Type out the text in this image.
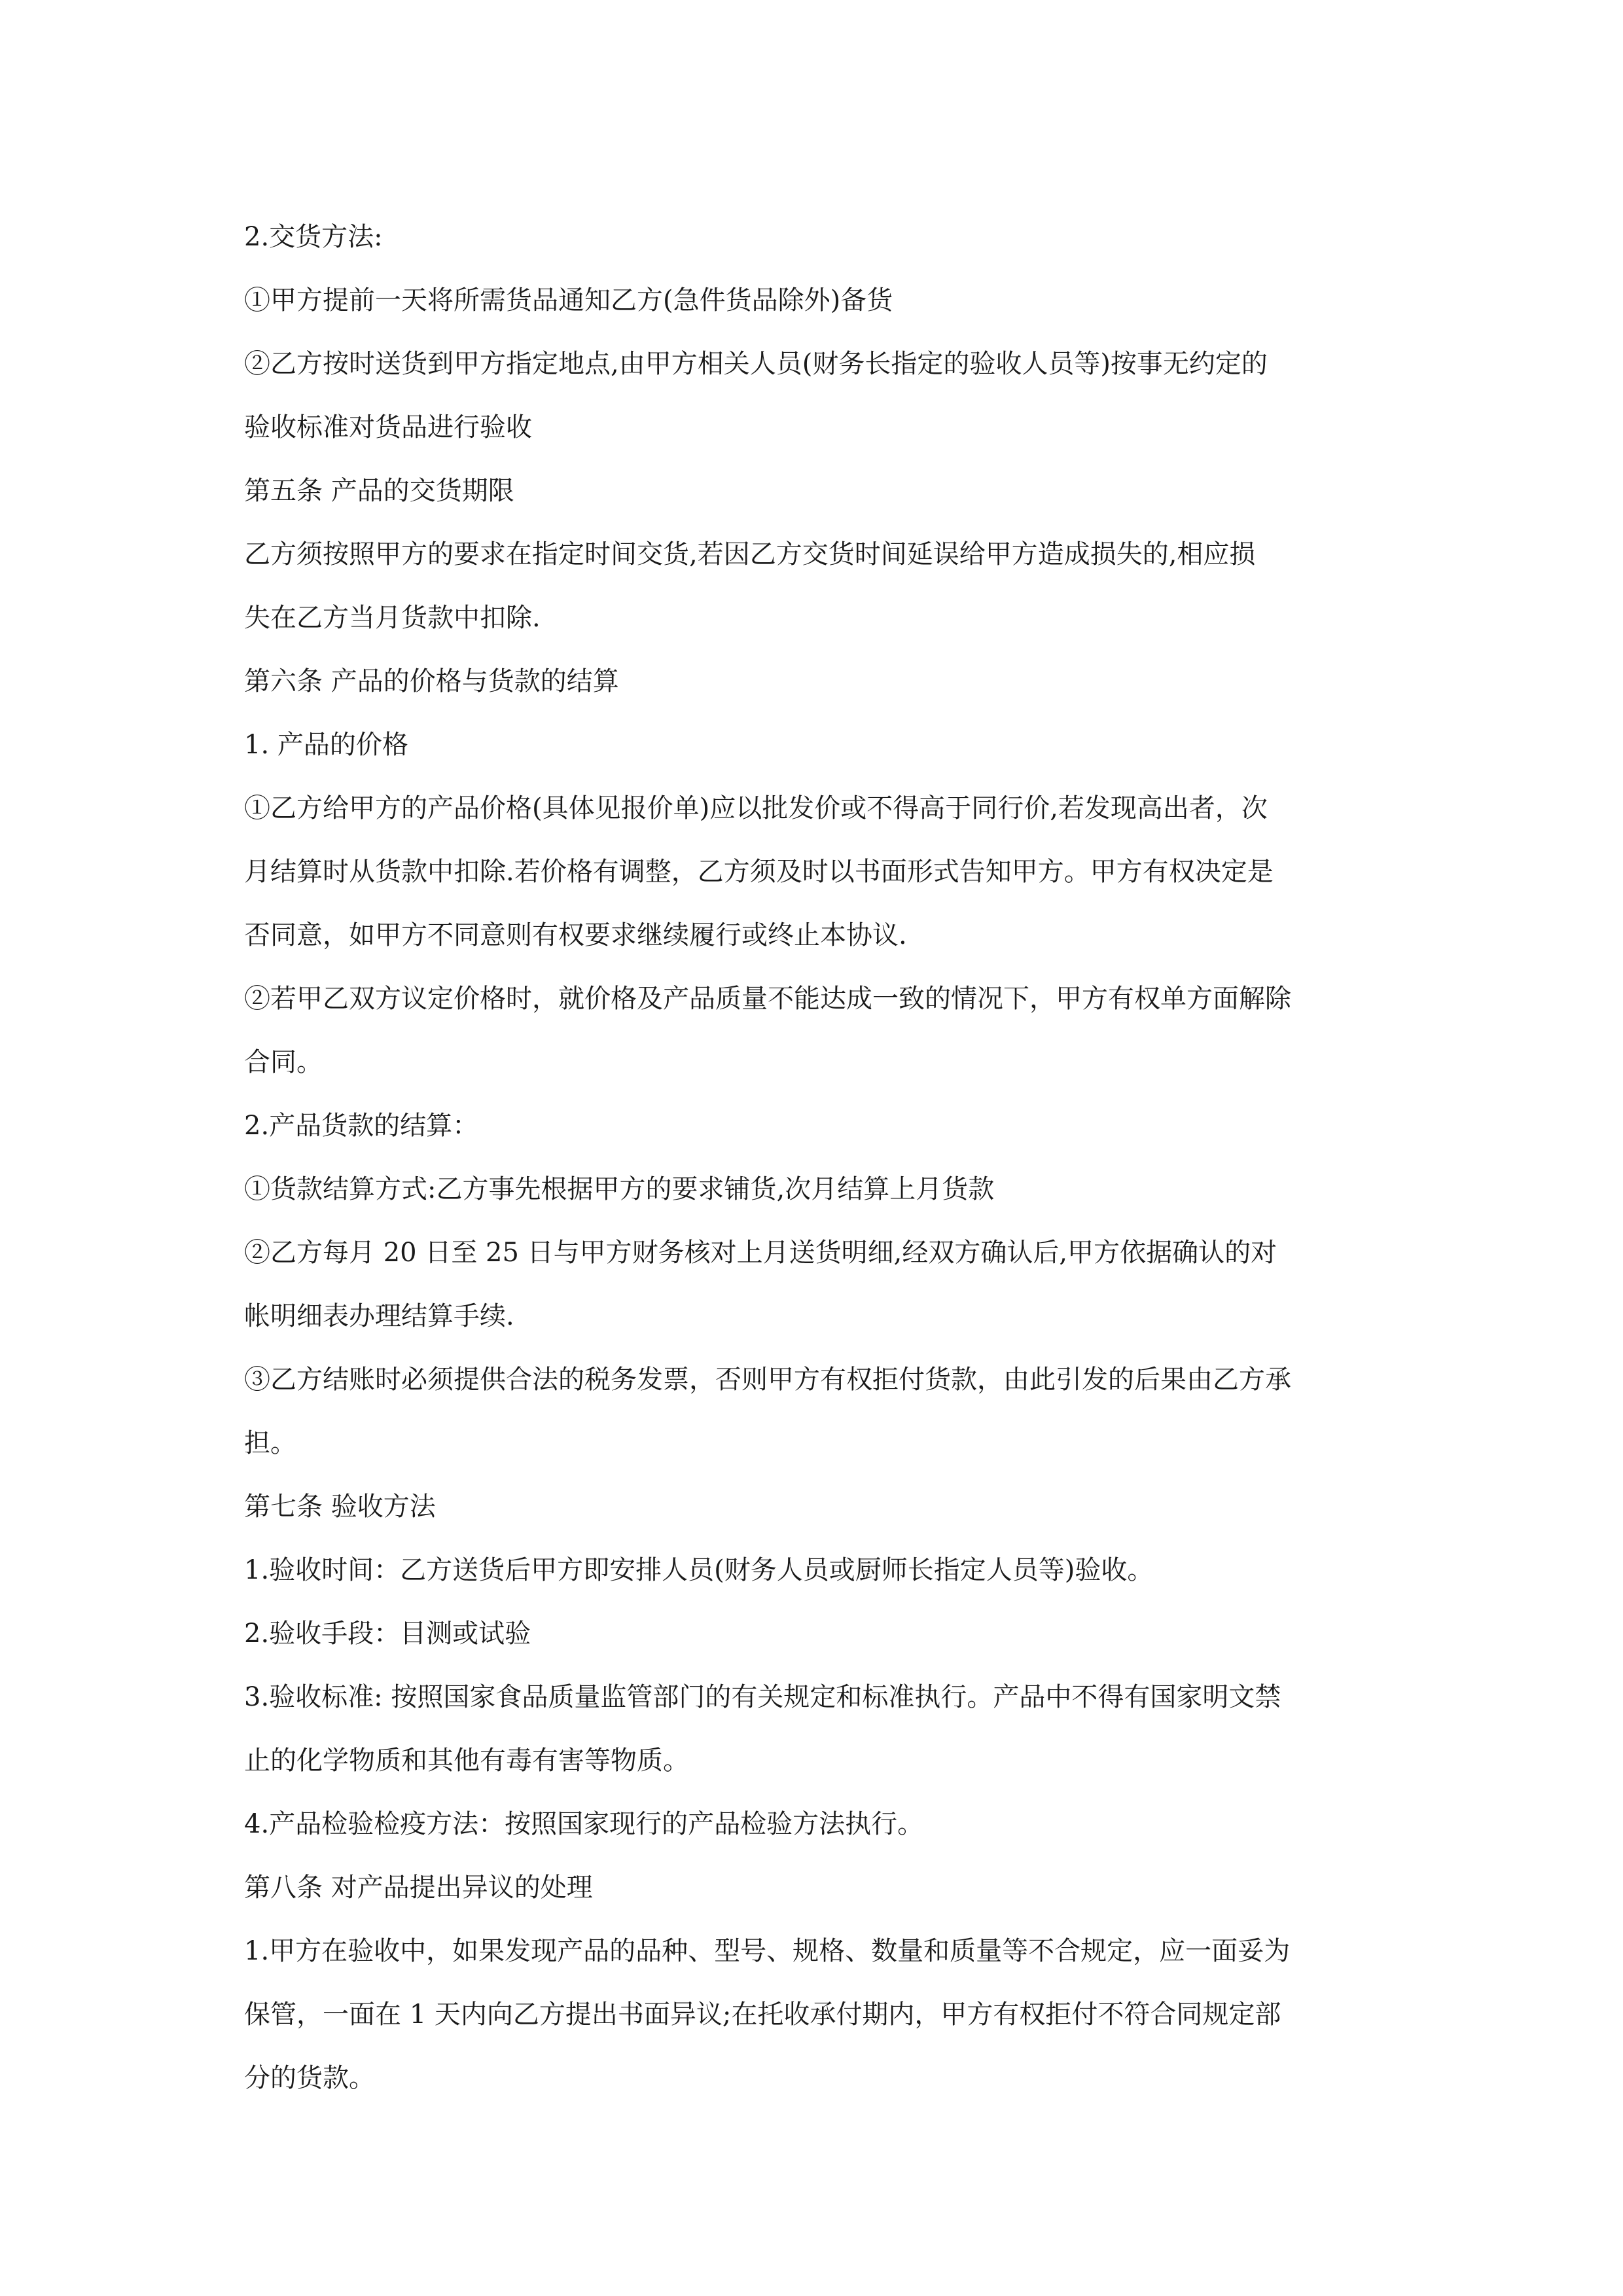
2.交货方法:
①甲方提前一天将所需货品通知乙方(急件货品除外)备货
②乙方按时送货到甲方指定地点,由甲方相关人员(财务长指定的验收人员等)按事无约定的
验收标准对货品进行验收
第五条 产品的交货期限
乙方须按照甲方的要求在指定时间交货,若因乙方交货时间延误给甲方造成损失的,相应损
失在乙方当月货款中扣除.
第六条 产品的价格与货款的结算
1. 产品的价格
①乙方给甲方的产品价格(具体见报价单)应以批发价或不得高于同行价,若发现高出者，次
月结算时从货款中扣除.若价格有调整，乙方须及时以书面形式告知甲方。甲方有权决定是
否同意，如甲方不同意则有权要求继续履行或终止本协议.
②若甲乙双方议定价格时，就价格及产品质量不能达成一致的情况下，甲方有权单方面解除
合同。
2.产品货款的结算：
①货款结算方式:乙方事先根据甲方的要求铺货,次月结算上月货款
②乙方每月 20 日至 25 日与甲方财务核对上月送货明细,经双方确认后,甲方依据确认的对
帐明细表办理结算手续.
③乙方结账时必须提供合法的税务发票，否则甲方有权拒付货款，由此引发的后果由乙方承
担。
第七条 验收方法
1.验收时间：乙方送货后甲方即安排人员(财务人员或厨师长指定人员等)验收。
2.验收手段：目测或试验
3.验收标准: 按照国家食品质量监管部门的有关规定和标准执行。产品中不得有国家明文禁
止的化学物质和其他有毒有害等物质。
4.产品检验检疫方法：按照国家现行的产品检验方法执行。
第八条 对产品提出异议的处理
1.甲方在验收中，如果发现产品的品种、型号、规格、数量和质量等不合规定，应一面妥为
保管，一面在 1 天内向乙方提出书面异议;在托收承付期内，甲方有权拒付不符合同规定部
分的货款。
